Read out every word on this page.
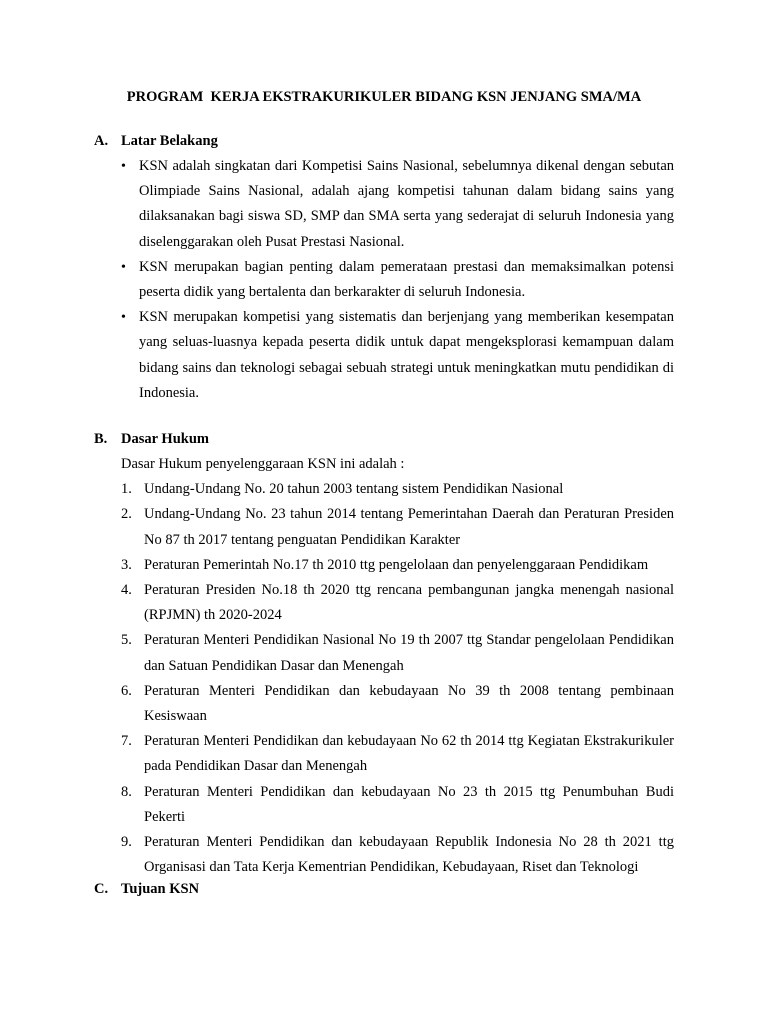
PROGRAM  KERJA EKSTRAKURIKULER BIDANG KSN JENJANG SMA/MA
A. Latar Belakang
• KSN adalah singkatan dari Kompetisi Sains Nasional, sebelumnya dikenal dengan sebutan Olimpiade Sains Nasional, adalah ajang kompetisi tahunan dalam bidang sains yang dilaksanakan bagi siswa SD, SMP dan SMA serta yang sederajat di seluruh Indonesia yang diselenggarakan oleh Pusat Prestasi Nasional.
• KSN merupakan bagian penting dalam pemerataan prestasi dan memaksimalkan potensi peserta didik yang bertalenta dan berkarakter di seluruh Indonesia.
• KSN merupakan kompetisi yang sistematis dan berjenjang yang memberikan kesempatan yang seluas-luasnya kepada peserta didik untuk dapat mengeksplorasi kemampuan dalam bidang sains dan teknologi sebagai sebuah strategi untuk meningkatkan mutu pendidikan di Indonesia.
B. Dasar Hukum

Dasar Hukum penyelenggaraan KSN ini adalah :

1. Undang-Undang No. 20 tahun 2003 tentang sistem Pendidikan Nasional
2. Undang-Undang No. 23 tahun 2014 tentang Pemerintahan Daerah dan Peraturan Presiden No 87 th 2017 tentang penguatan Pendidikan Karakter
3. Peraturan Pemerintah No.17 th 2010 ttg pengelolaan dan penyelenggaraan Pendidikam
4. Peraturan Presiden No.18 th 2020 ttg rencana pembangunan jangka menengah nasional (RPJMN) th 2020-2024
5. Peraturan Menteri Pendidikan Nasional No 19 th 2007 ttg Standar pengelolaan Pendidikan dan Satuan Pendidikan Dasar dan Menengah
6. Peraturan Menteri Pendidikan dan kebudayaan No 39 th 2008 tentang pembinaan Kesiswaan
7. Peraturan Menteri Pendidikan dan kebudayaan No 62 th 2014 ttg Kegiatan Ekstrakurikuler pada Pendidikan Dasar dan Menengah
8. Peraturan Menteri Pendidikan dan kebudayaan No 23 th 2015 ttg Penumbuhan Budi Pekerti
9. Peraturan Menteri Pendidikan dan kebudayaan Republik Indonesia No 28 th 2021 ttg Organisasi dan Tata Kerja Kementrian Pendidikan, Kebudayaan, Riset dan Teknologi
C. Tujuan KSN
